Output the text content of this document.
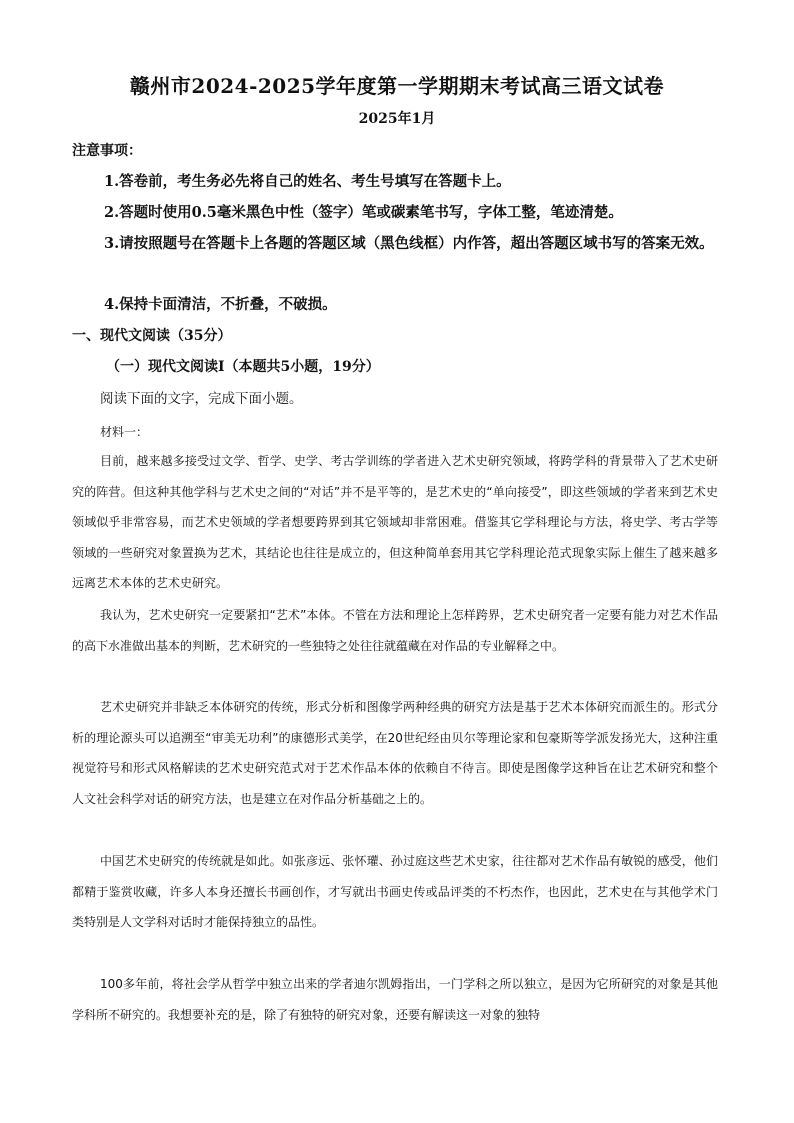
赣州市2024-2025学年度第一学期期末考试高三语文试卷
2025年1月
注意事项：
1.答卷前，考生务必先将自己的姓名、考生号填写在答题卡上。
2.答题时使用0.5毫米黑色中性（签字）笔或碳素笔书写，字体工整，笔迹清楚。
3.请按照题号在答题卡上各题的答题区域（黑色线框）内作答，超出答题区域书写的答案无效。
4.保持卡面清洁，不折叠，不破损。
一、现代文阅读（35分）
（一）现代文阅读Ⅰ（本题共5小题，19分）
阅读下面的文字，完成下面小题。
材料一：
目前，越来越多接受过文学、哲学、史学、考古学训练的学者进入艺术史研究领域，将跨学科的背景带入了艺术史研究的阵营。但这种其他学科与艺术史之间的“对话”并不是平等的，是艺术史的“单向接受”，即这些领域的学者来到艺术史领域似乎非常容易，而艺术史领域的学者想要跨界到其它领域却非常困难。借鉴其它学科理论与方法，将史学、考古学等领域的一些研究对象置换为艺术，其结论也往往是成立的，但这种简单套用其它学科理论范式现象实际上催生了越来越多远离艺术本体的艺术史研究。
我认为，艺术史研究一定要紧扣“艺术”本体。不管在方法和理论上怎样跨界，艺术史研究者一定要有能力对艺术作品的高下水准做出基本的判断，艺术研究的一些独特之处往往就蕴藏在对作品的专业解释之中。
艺术史研究并非缺乏本体研究的传统，形式分析和图像学两种经典的研究方法是基于艺术本体研究而派生的。形式分析的理论源头可以追溯至“审美无功利”的康德形式美学，在20世纪经由贝尔等理论家和包豪斯等学派发扬光大，这种注重视觉符号和形式风格解读的艺术史研究范式对于艺术作品本体的依赖自不待言。即使是图像学这种旨在让艺术研究和整个人文社会科学对话的研究方法，也是建立在对作品分析基础之上的。
中国艺术史研究的传统就是如此。如张彦远、张怀瓘、孙过庭这些艺术史家，往往都对艺术作品有敏锐的感受，他们都精于鉴赏收藏，许多人本身还擅长书画创作，才写就出书画史传或品评类的不朽杰作，也因此，艺术史在与其他学术门类特别是人文学科对话时才能保持独立的品性。
100多年前，将社会学从哲学中独立出来的学者迪尔凯姆指出，一门学科之所以独立，是因为它所研究的对象是其他学科所不研究的。我想要补充的是，除了有独特的研究对象，还要有解读这一对象的独特
